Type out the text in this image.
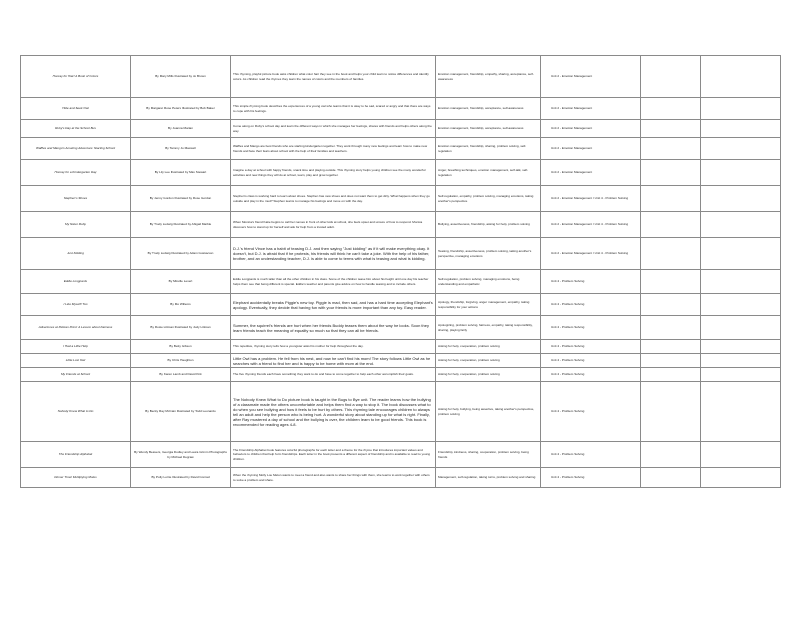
Hooray for Hair! A Book of Colors	By Mary Mills Illustrated by Jo Brown	This rhyming, playful picture book asks children what color hair they see in the book and helps your child learn to notice differences and identify colors. As children read the rhymes they learn the names of colors and the members of families.	Emotion management, friendship, empathy, sharing, acceptance, self-awareness	Unit 2 - Emotion Management		
Hide and Seek Owl	By Margaret Rose Peters Illustrated by Bob Baker	This simple rhyming book describes the experiences of a young owl who learns that it is okay to be sad, scared or angry and that there are ways to cope with his feelings.	Emotion management, friendship, acceptance, self-awareness	Unit 2 - Emotion Management		
Ruby's Day at the School Bus	By Joanna Marian	Come along on Ruby's school day and learn the different ways in which she manages her feelings, shares with friends and helps others along the way.	Emotion management, friendship, acceptance, self-awareness	Unit 2 - Emotion Management		
Waffles and Mango's Amazing Adventure: Starting School	By Tammy Jo Maxwell	Waffles and Mango are best friends who are starting kindergarten together. They work through many new feelings and learn how to make new friends and face their fears about school with the help of their families and teachers.	Emotion management, friendship, sharing, problem solving, self-regulation	Unit 2 - Emotion Management		
Hooray for a Kindergarten Day	By Lily Lee Illustrated by Max Stewart	Imagine a day at school with happy friends, snack time and playing outside. This rhyming story helps young children see the many wonderful activities and new things they will do at school, learn, play and grow together.	Anger, breathing techniques, emotion management, self-talk, self-regulation	Unit 2 - Emotion Management		
Stephen's Shoes	By Jenny Gordon Illustrated by Rose Gordon	Stephen's class is working hard to learn about shoes. Stephen has new shoes and does not want them to get dirty. What happens when they go outside and play in the mud? Stephen learns to manage his feelings and move on with the day.	Self-regulation, empathy, problem solving, managing emotions, taking another's perspective	Unit 2 - Emotion Management / Unit 4 - Problem Solving		
My Sister Ruby	By Trudy Ludwig Illustrated by Abigail Marble	When Monica's friend Katie begins to call her names in front of other kids at school, she feels upset and unsure of how to respond. Monica discovers how to stand up for herself and ask for help from a trusted adult.	Bullying, assertiveness, friendship, asking for help, problem solving	Unit 2 - Emotion Management / Unit 4 - Problem Solving		
Just Kidding	By Trudy Ludwig Illustrated by Adam Gustavson	D.J.'s friend Vince has a habit of teasing D.J. and then saying "Just kidding" as if it will make everything okay. It doesn't, but D.J. is afraid that if he protests, his friends will think he can't take a joke. With the help of his father, brother, and an understanding teacher, D.J. is able to come to terms with what is teasing and what is kidding.	Teasing, friendship, assertiveness, problem solving, taking another's perspective, managing emotions	Unit 2 - Emotion Management / Unit 4 - Problem Solving		
Eddie Longpants	By Mireille Levert	Eddie Longpants is much taller than all the other children in his class. Some of the children tease him about his height until one day his teacher helps them see that being different is special. Eddie's teacher and parents give advice on how to handle teasing and to include others.	Self-regulation, problem solving, managing emotions, being understanding and empathetic	Unit 4 - Problem Solving		
I Like Myself! Too	By Mo Willems	Elephant accidentally breaks Piggie's new toy. Piggie is mad, then sad, and has a hard time accepting Elephant's apology. Eventually, they decide that having fun with your friends is more important than any toy. Easy reader.	Apology, friendship, forgiving, anger management, empathy, taking responsibility for your actions	Unit 4 - Problem Solving		
Adventures at Pelican Point: A Lesson about Fairness	By Rosie Littman Illustrated by Judy Littman	Summer, the squirrel's friends are hurt when her friends Buddy teases them about the way he looks. Soon they learn friends teach the meaning of equality so much so that they can all be friends.	Apologizing, problem solving, fairness, empathy, taking responsibility, sharing, playing fairly	Unit 4 - Problem Solving		
I Had a Little Help	By Betty Gibson	This repetitive, rhyming story tells how a youngster asks his mother for help throughout the day.	Asking for help, cooperation, problem solving	Unit 4 - Problem Solving		
Little Lost Owl	By Chris Haughton	Little Owl has a problem. He fell from his nest, and now he can't find his mom! The story follows Little Owl as he searches with a friend to find her and is happy to be home with mom at the end.	Asking for help, cooperation, problem solving	Unit 4 - Problem Solving		
My Friends at School	By Karen Lamb and David Kirk	The five rhyming friends each have something they want to do and have to come together to help each other accomplish their goals.	Asking for help, cooperation, problem solving	Unit 4 - Problem Solving		
Nobody Knew What to Do	By Becky Ray McCain Illustrated by Todd Leonardo	The Nobody Knew What to Do picture book is taught in the Bugs to Bye unit. The reader learns how the bullying of a classmate made the others uncomfortable and helps them find a way to stop it. The book discusses what to do when you see bullying and how it feels to be hurt by others. This rhyming tale encourages children to always tell an adult and help the person who is being hurt. A wonderful story about standing up for what is right. Finally, after Ray mustered a day of school and the bullying is over, the children learn to be good friends. This book is recommended for reading ages 4-8.	Asking for help, bullying, being assertive, taking another's perspective, problem solving	Unit 4 - Problem Solving		
The Friendship Alphabet	By Wendy Beavers, Georgia Dudley and Laura Grimm Photographs by Michael Degraw	The Friendship Alphabet book features colorful photographs for each letter and a theme for the rhyme that introduces important values and behaviors to children that help form friendships. Each letter in the book presents a different aspect of friendship and is available to read to young children.	Friendship, kindness, sharing, cooperation, problem solving, being friends	Unit 4 - Problem Solving		
Dinner Time! Multiplying Moles	By Polly Lorrie Illustrated by David Conrad	When the rhyming Molly Lou Melon wants to meet a friend and also wants to share her things with them, she learns to work together with others to solve a problem and share.	Management, self-regulation, taking turns, problem solving and sharing	Unit 4 - Problem Solving		
